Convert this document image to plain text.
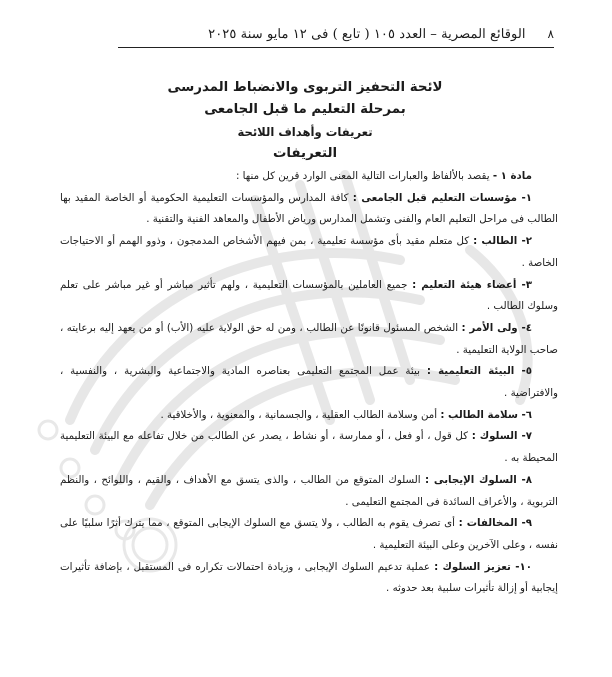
٨
الوقائع المصرية – العدد ١٠٥ ( تابع ) فى ١٢ مايو سنة ٢٠٢٥
لائحة التحفيز التربوى والانضباط المدرسى
بمرحلة التعليم ما قبل الجامعى
تعريفات وأهداف اللائحة
التعريفات

مادة ١ - يقصد بالألفاظ والعبارات التالية المعنى الوارد قرين كل منها :

١- مؤسسات التعليم قبل الجامعى : كافة المدارس والمؤسسات التعليمية الحكومية أو الخاصة المقيد بها الطالب فى مراحل التعليم العام والفنى وتشمل المدارس ورياض الأطفال والمعاهد الفنية والتقنية .

٢- الطالب : كل متعلم مقيد بأى مؤسسة تعليمية ، بمن فيهم الأشخاص المدمجون ، وذوو الهمم أو الاحتياجات الخاصة .

٣- أعضاء هيئة التعليم : جميع العاملين بالمؤسسات التعليمية ، ولهم تأثير مباشر أو غير مباشر على تعلم وسلوك الطالب .

٤- ولى الأمر : الشخص المسئول قانونًا عن الطالب ، ومن له حق الولاية عليه (الأب) أو من يعهد إليه برعايته ، صاحب الولاية التعليمية .

٥- البيئة التعليمية : بيئة عمل المجتمع التعليمى بعناصره المادية والاجتماعية والبشرية ، والنفسية ، والافتراضية .

٦- سلامة الطالب : أمن وسلامة الطالب العقلية ، والجسمانية ، والمعنوية ، والأخلاقية .

٧- السلوك : كل قول ، أو فعل ، أو ممارسة ، أو نشاط ، يصدر عن الطالب من خلال تفاعله مع البيئة التعليمية المحيطة به .

٨- السلوك الإيجابى : السلوك المتوقع من الطالب ، والذى يتسق مع الأهداف ، والقيم ، واللوائح ، والنظم التربوية ، والأعراف السائدة فى المجتمع التعليمى .

٩- المخالفات : أى تصرف يقوم به الطالب ، ولا يتسق مع السلوك الإيجابى المتوقع ، مما يترك أثرًا سلبيًا على نفسه ، وعلى الآخرين وعلى البيئة التعليمية .

١٠- تعزيز السلوك : عملية تدعيم السلوك الإيجابى ، وزيادة احتمالات تكراره فى المستقبل ، بإضافة تأثيرات إيجابية أو إزالة تأثيرات سلبية بعد حدوثه .
